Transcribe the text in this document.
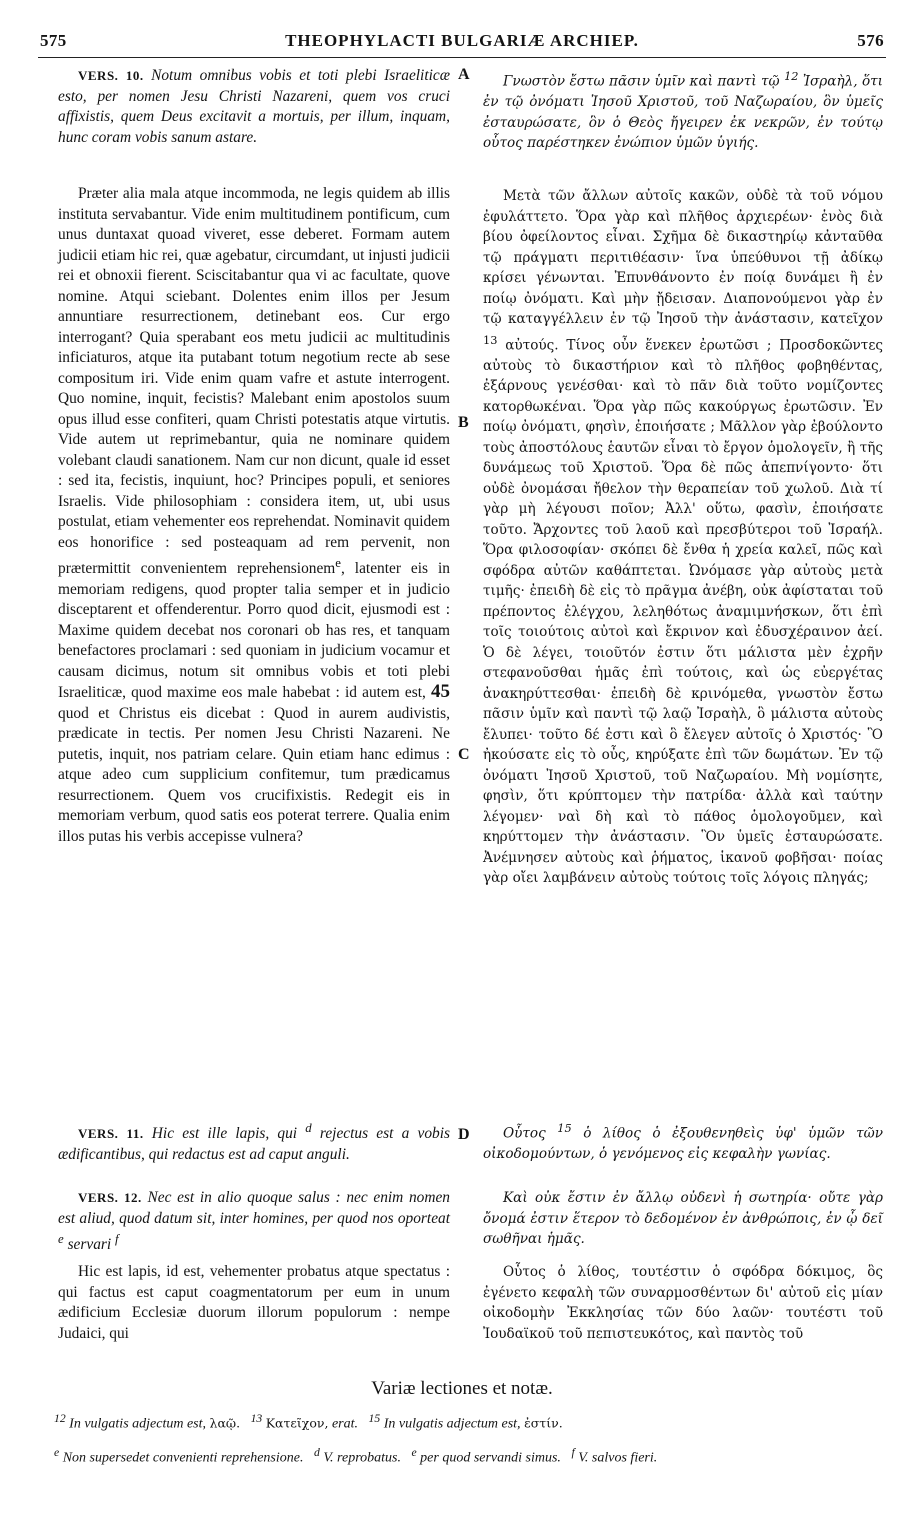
575	THEOPHYLACTI BULGARIÆ ARCHIEP.	576
A
B
C
D

VERS. 10. Notum omnibus vobis et toti plebi Israeliticæ esto, per nomen Jesu Christi Nazareni, quem vos cruci affixistis, quem Deus excitavit a mortuis, per illum, inquam, hunc coram vobis sanum astare.

Præter alia mala atque incommoda, ne legis quidem ab illis instituta servabantur. Vide enim multitudinem pontificum, cum unus duntaxat quoad viveret, esse deberet. Formam autem judicii etiam hic rei, quæ agebatur, circumdant, ut injusti judicii rei et obnoxii fierent. Sciscitabantur qua vi ac facultate, quove nomine. Atqui sciebant. Dolentes enim illos per Jesum annuntiare resurrectionem, detinebant eos. Cur ergo interrogant? Quia sperabant eos metu judicii ac multitudinis inficiaturos, atque ita putabant totum negotium recte ab sese compositum iri. Vide enim quam vafre et astute interrogent. Quo nomine, inquit, fecistis? Malebant enim apostolos suum opus illud esse confiteri, quam Christi potestatis atque virtutis. Vide autem ut reprimebantur, quia ne nominare quidem volebant claudi sanationem. Nam cur non dicunt, quale id esset : sed ita, fecistis, inquiunt, hoc? Principes populi, et seniores Israelis. Vide philosophiam : considera item, ut, ubi usus postulat, etiam vehementer eos reprehendat. Nominavit quidem eos honorifice : sed posteaquam ad rem pervenit, non prætermittit convenientem reprehensionem$^e$, latenter eis in memoriam redigens, quod propter talia semper et in judicio disceptarent et offenderentur. Porro quod dicit, ejusmodi est : Maxime quidem decebat nos coronari ob has res, et tanquam benefactores proclamari : sed quoniam in judicium vocamur et causam dicimus, notum sit omnibus vobis et toti plebi Israeliticæ, quod maxime eos male habebat : id autem est, 45 quod et Christus eis dicebat : Quod in aurem audivistis, prædicate in tectis. Per nomen Jesu Christi Nazareni. Ne putetis, inquit, nos patriam celare. Quin etiam hanc edimus : atque adeo cum supplicium confitemur, tum prædicamus resurrectionem. Quem vos crucifixistis. Redegit eis in memoriam verbum, quod satis eos poterat terrere. Qualia enim illos putas his verbis accepisse vulnera?

VERS. 11. Hic est ille lapis, qui $^d$ rejectus est a vobis ædificantibus, qui redactus est ad caput anguli.

VERS. 12. Nec est in alio quoque salus : nec enim nomen est aliud, quod datum sit, inter homines, per quod nos oporteat $^e$ servari $^f$

Hic est lapis, id est, vehementer probatus atque spectatus : qui factus est caput coagmentatorum per eum in unum ædificium Ecclesiæ duorum illorum populorum : nempe Judaici, qui

Γνωστὸν ἔστω πᾶσιν ὑμῖν καὶ παντὶ τῷ $^{12}$ Ἰσραὴλ, ὅτι ἐν τῷ ὀνόματι Ἰησοῦ Χριστοῦ, τοῦ Ναζωραίου, ὃν ὑμεῖς ἐσταυρώσατε, ὃν ὁ Θεὸς ἤγειρεν ἐκ νεκρῶν, ἐν τούτῳ οὗτος παρέστηκεν ἐνώπιον ὑμῶν ὑγιής.

Μετὰ τῶν ἄλλων αὐτοῖς κακῶν, οὐδὲ τὰ τοῦ νόμου ἐφυλάττετο. Ὅρα γὰρ καὶ πλῆθος ἀρχιερέων· ἑνὸς διὰ βίου ὀφείλοντος εἶναι. Σχῆμα δὲ δικαστηρίῳ κἀνταῦθα τῷ πράγματι περιτιθέασιν· ἵνα ὑπεύθυνοι τῇ ἀδίκῳ κρίσει γένωνται. Ἐπυνθάνοντο ἐν ποίᾳ δυνάμει ἢ ἐν ποίῳ ὀνόματι. Καὶ μὴν ᾔδεισαν. Διαπονούμενοι γὰρ ἐν τῷ καταγγέλλειν ἐν τῷ Ἰησοῦ τὴν ἀνάστασιν, κατεῖχον $^{13}$ αὐτούς. Τίνος οὖν ἕνεκεν ἐρωτῶσι ; Προσδοκῶντες αὐτοὺς τὸ δικαστήριον καὶ τὸ πλῆθος φοβηθέντας, ἐξάρνους γενέσθαι· καὶ τὸ πᾶν διὰ τοῦτο νομίζοντες κατορθωκέναι. Ὅρα γὰρ πῶς κακούργως ἐρωτῶσιν. Ἐν ποίῳ ὀνόματι, φησὶν, ἐποιήσατε ; Μᾶλλον γὰρ ἐβούλοντο τοὺς ἀποστόλους ἑαυτῶν εἶναι τὸ ἔργον ὁμολογεῖν, ἢ τῆς δυνάμεως τοῦ Χριστοῦ. Ὅρα δὲ πῶς ἀπεπνίγοντο· ὅτι οὐδὲ ὀνομάσαι ἤθελον τὴν θεραπείαν τοῦ χωλοῦ. Διὰ τί γὰρ μὴ λέγουσι ποῖον; Ἀλλ' οὕτω, φασὶν, ἐποιήσατε τοῦτο. Ἄρχοντες τοῦ λαοῦ καὶ πρεσβύτεροι τοῦ Ἰσραήλ. Ὅρα φιλοσοφίαν· σκόπει δὲ ἔνθα ἡ χρεία καλεῖ, πῶς καὶ σφόδρα αὐτῶν καθάπτεται. Ὠνόμασε γὰρ αὐτοὺς μετὰ τιμῆς· ἐπειδὴ δὲ εἰς τὸ πρᾶγμα ἀνέβη, οὐκ ἀφίσταται τοῦ πρέποντος ἐλέγχου, λεληθότως ἀναμιμνήσκων, ὅτι ἐπὶ τοῖς τοιούτοις αὐτοὶ καὶ ἔκρινον καὶ ἐδυσχέραινον ἀεί. Ὁ δὲ λέγει, τοιοῦτόν ἐστιν ὅτι μάλιστα μὲν ἐχρῆν στεφανοῦσθαι ἡμᾶς ἐπὶ τούτοις, καὶ ὡς εὐεργέτας ἀνακηρύττεσθαι· ἐπειδὴ δὲ κρινόμεθα, γνωστὸν ἔστω πᾶσιν ὑμῖν καὶ παντὶ τῷ λαῷ Ἰσραὴλ, ὃ μάλιστα αὐτοὺς ἔλυπει· τοῦτο δέ ἐστι καὶ ὃ ἔλεγεν αὐτοῖς ὁ Χριστός· Ὃ ἠκούσατε εἰς τὸ οὖς, κηρύξατε ἐπὶ τῶν δωμάτων. Ἐν τῷ ὀνόματι Ἰησοῦ Χριστοῦ, τοῦ Ναζωραίου. Μὴ νομίσητε, φησὶν, ὅτι κρύπτομεν τὴν πατρίδα· ἀλλὰ καὶ ταύτην λέγομεν· ναὶ δὴ καὶ τὸ πάθος ὁμολογοῦμεν, καὶ κηρύττομεν τὴν ἀνάστασιν. Ὃν ὑμεῖς ἐσταυρώσατε. Ἀνέμνησεν αὐτοὺς καὶ ῥήματος, ἱκανοῦ φοβῆσαι· ποίας γὰρ οἴει λαμβάνειν αὐτοὺς τούτοις τοῖς λόγοις πληγάς;

Οὗτος $^{15}$ ὁ λίθος ὁ ἐξουθενηθεὶς ὑφ' ὑμῶν τῶν οἰκοδομούντων, ὁ γενόμενος εἰς κεφαλὴν γωνίας.

Καὶ οὐκ ἔστιν ἐν ἄλλῳ οὐδενὶ ἡ σωτηρία· οὔτε γὰρ ὄνομά ἐστιν ἕτερον τὸ δεδομένον ἐν ἀνθρώποις, ἐν ᾧ δεῖ σωθῆναι ἡμᾶς.

Οὗτος ὁ λίθος, τουτέστιν ὁ σφόδρα δόκιμος, ὃς ἐγένετο κεφαλὴ τῶν συναρμοσθέντων δι' αὐτοῦ εἰς μίαν οἰκοδομὴν Ἐκκλησίας τῶν δύο λαῶν· τουτέστι τοῦ Ἰουδαϊκοῦ τοῦ πεπιστευκότος, καὶ παντὸς τοῦ

Variæ lectiones et notæ.
$^{12}$ In vulgatis adjectum est, λαῷ. $^{13}$ Κατεῖχον, erat. $^{15}$ In vulgatis adjectum est, ἐστίν.
$^e$ Non supersedet convenienti reprehensione. $^d$ V. reprobatus. $^e$ per quod servandi simus. $^f$ V. salvos fieri.
